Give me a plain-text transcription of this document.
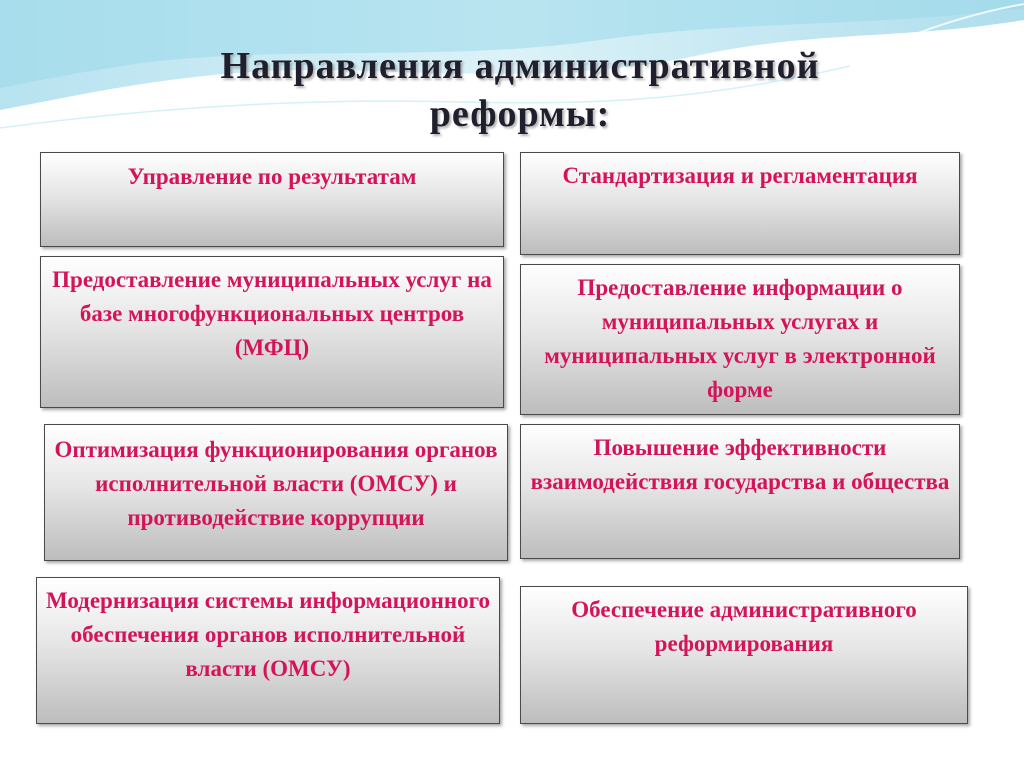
Направления административной
реформы:
Управление по результатам	Стандартизация и регламентация
Предоставление муниципальных услуг на базе многофункциональных центров (МФЦ)
Предоставление информации о муниципальных услугах и муниципальных услуг в электронной форме
Оптимизация функционирования органов исполнительной власти (ОМСУ) и противодействие коррупции
Повышение эффективности взаимодействия государства и общества
Модернизация системы информационного обеспечения органов исполнительной власти (ОМСУ)
Обеспечение административного реформирования
